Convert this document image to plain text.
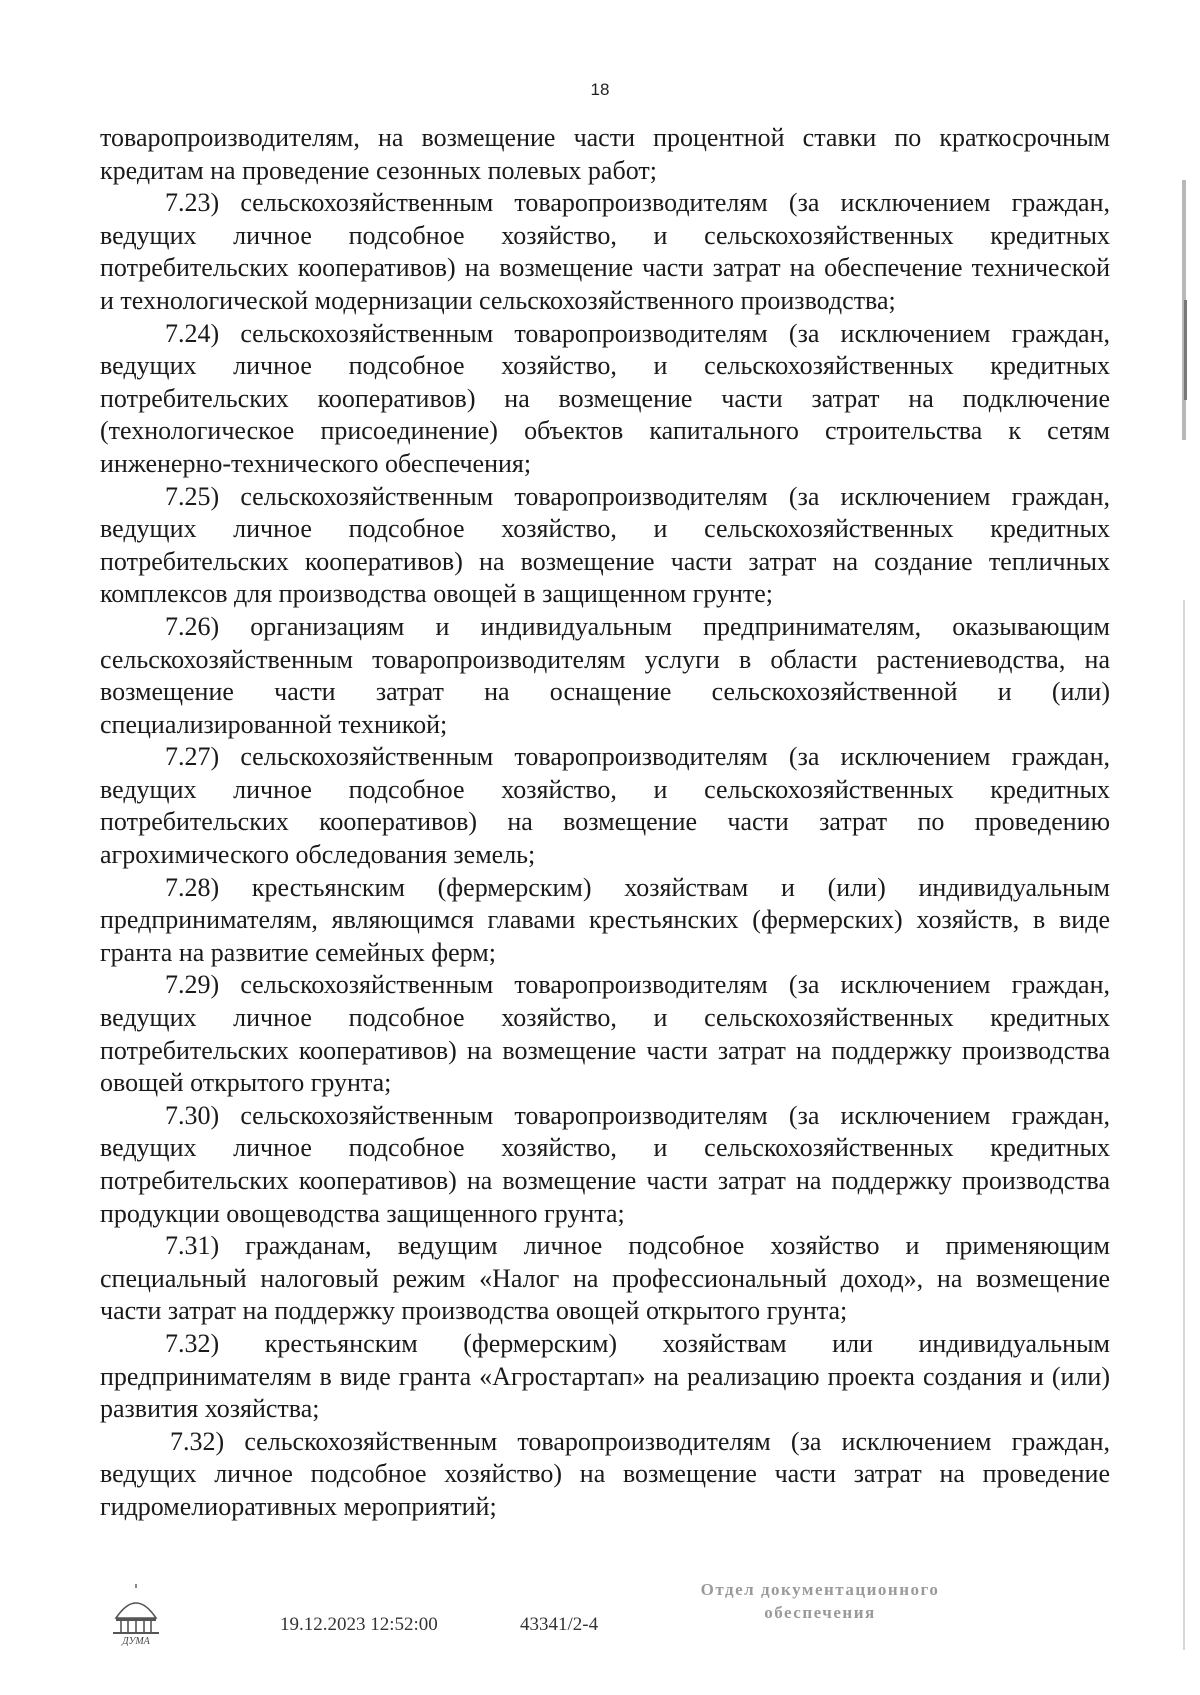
18

товаропроизводителям, на возмещение части процентной ставки по краткосрочным кредитам на проведение сезонных полевых работ;

7.23) сельскохозяйственным товаропроизводителям (за исключением граждан, ведущих личное подсобное хозяйство, и сельскохозяйственных кредитных потребительских кооперативов) на возмещение части затрат на обеспечение технической и технологической модернизации сельскохозяйственного производства;

7.24) сельскохозяйственным товаропроизводителям (за исключением граждан, ведущих личное подсобное хозяйство, и сельскохозяйственных кредитных потребительских кооперативов) на возмещение части затрат на подключение (технологическое присоединение) объектов капитального строительства к сетям инженерно-технического обеспечения;

7.25) сельскохозяйственным товаропроизводителям (за исключением граждан, ведущих личное подсобное хозяйство, и сельскохозяйственных кредитных потребительских кооперативов) на возмещение части затрат на создание тепличных комплексов для производства овощей в защищенном грунте;

7.26) организациям и индивидуальным предпринимателям, оказывающим сельскохозяйственным товаропроизводителям услуги в области растениеводства, на возмещение части затрат на оснащение сельскохозяйственной и (или) специализированной техникой;

7.27) сельскохозяйственным товаропроизводителям (за исключением граждан, ведущих личное подсобное хозяйство, и сельскохозяйственных кредитных потребительских кооперативов) на возмещение части затрат по проведению агрохимического обследования земель;

7.28) крестьянским (фермерским) хозяйствам и (или) индивидуальным предпринимателям, являющимся главами крестьянских (фермерских) хозяйств, в виде гранта на развитие семейных ферм;

7.29) сельскохозяйственным товаропроизводителям (за исключением граждан, ведущих личное подсобное хозяйство, и сельскохозяйственных кредитных потребительских кооперативов) на возмещение части затрат на поддержку производства овощей открытого грунта;

7.30) сельскохозяйственным товаропроизводителям (за исключением граждан, ведущих личное подсобное хозяйство, и сельскохозяйственных кредитных потребительских кооперативов) на возмещение части затрат на поддержку производства продукции овощеводства защищенного грунта;

7.31) гражданам, ведущим личное подсобное хозяйство и применяющим специальный налоговый режим «Налог на профессиональный доход», на возмещение части затрат на поддержку производства овощей открытого грунта;

7.32) крестьянским (фермерским) хозяйствам или индивидуальным предпринимателям в виде гранта «Агростартап» на реализацию проекта создания и (или) развития хозяйства;

7.32) сельскохозяйственным товаропроизводителям (за исключением граждан, ведущих личное подсобное хозяйство) на возмещение части затрат на проведение гидромелиоративных мероприятий;

ДУМА
19.12.2023 12:52:00	43341/2-4
Отдел документационного
обеспечения
